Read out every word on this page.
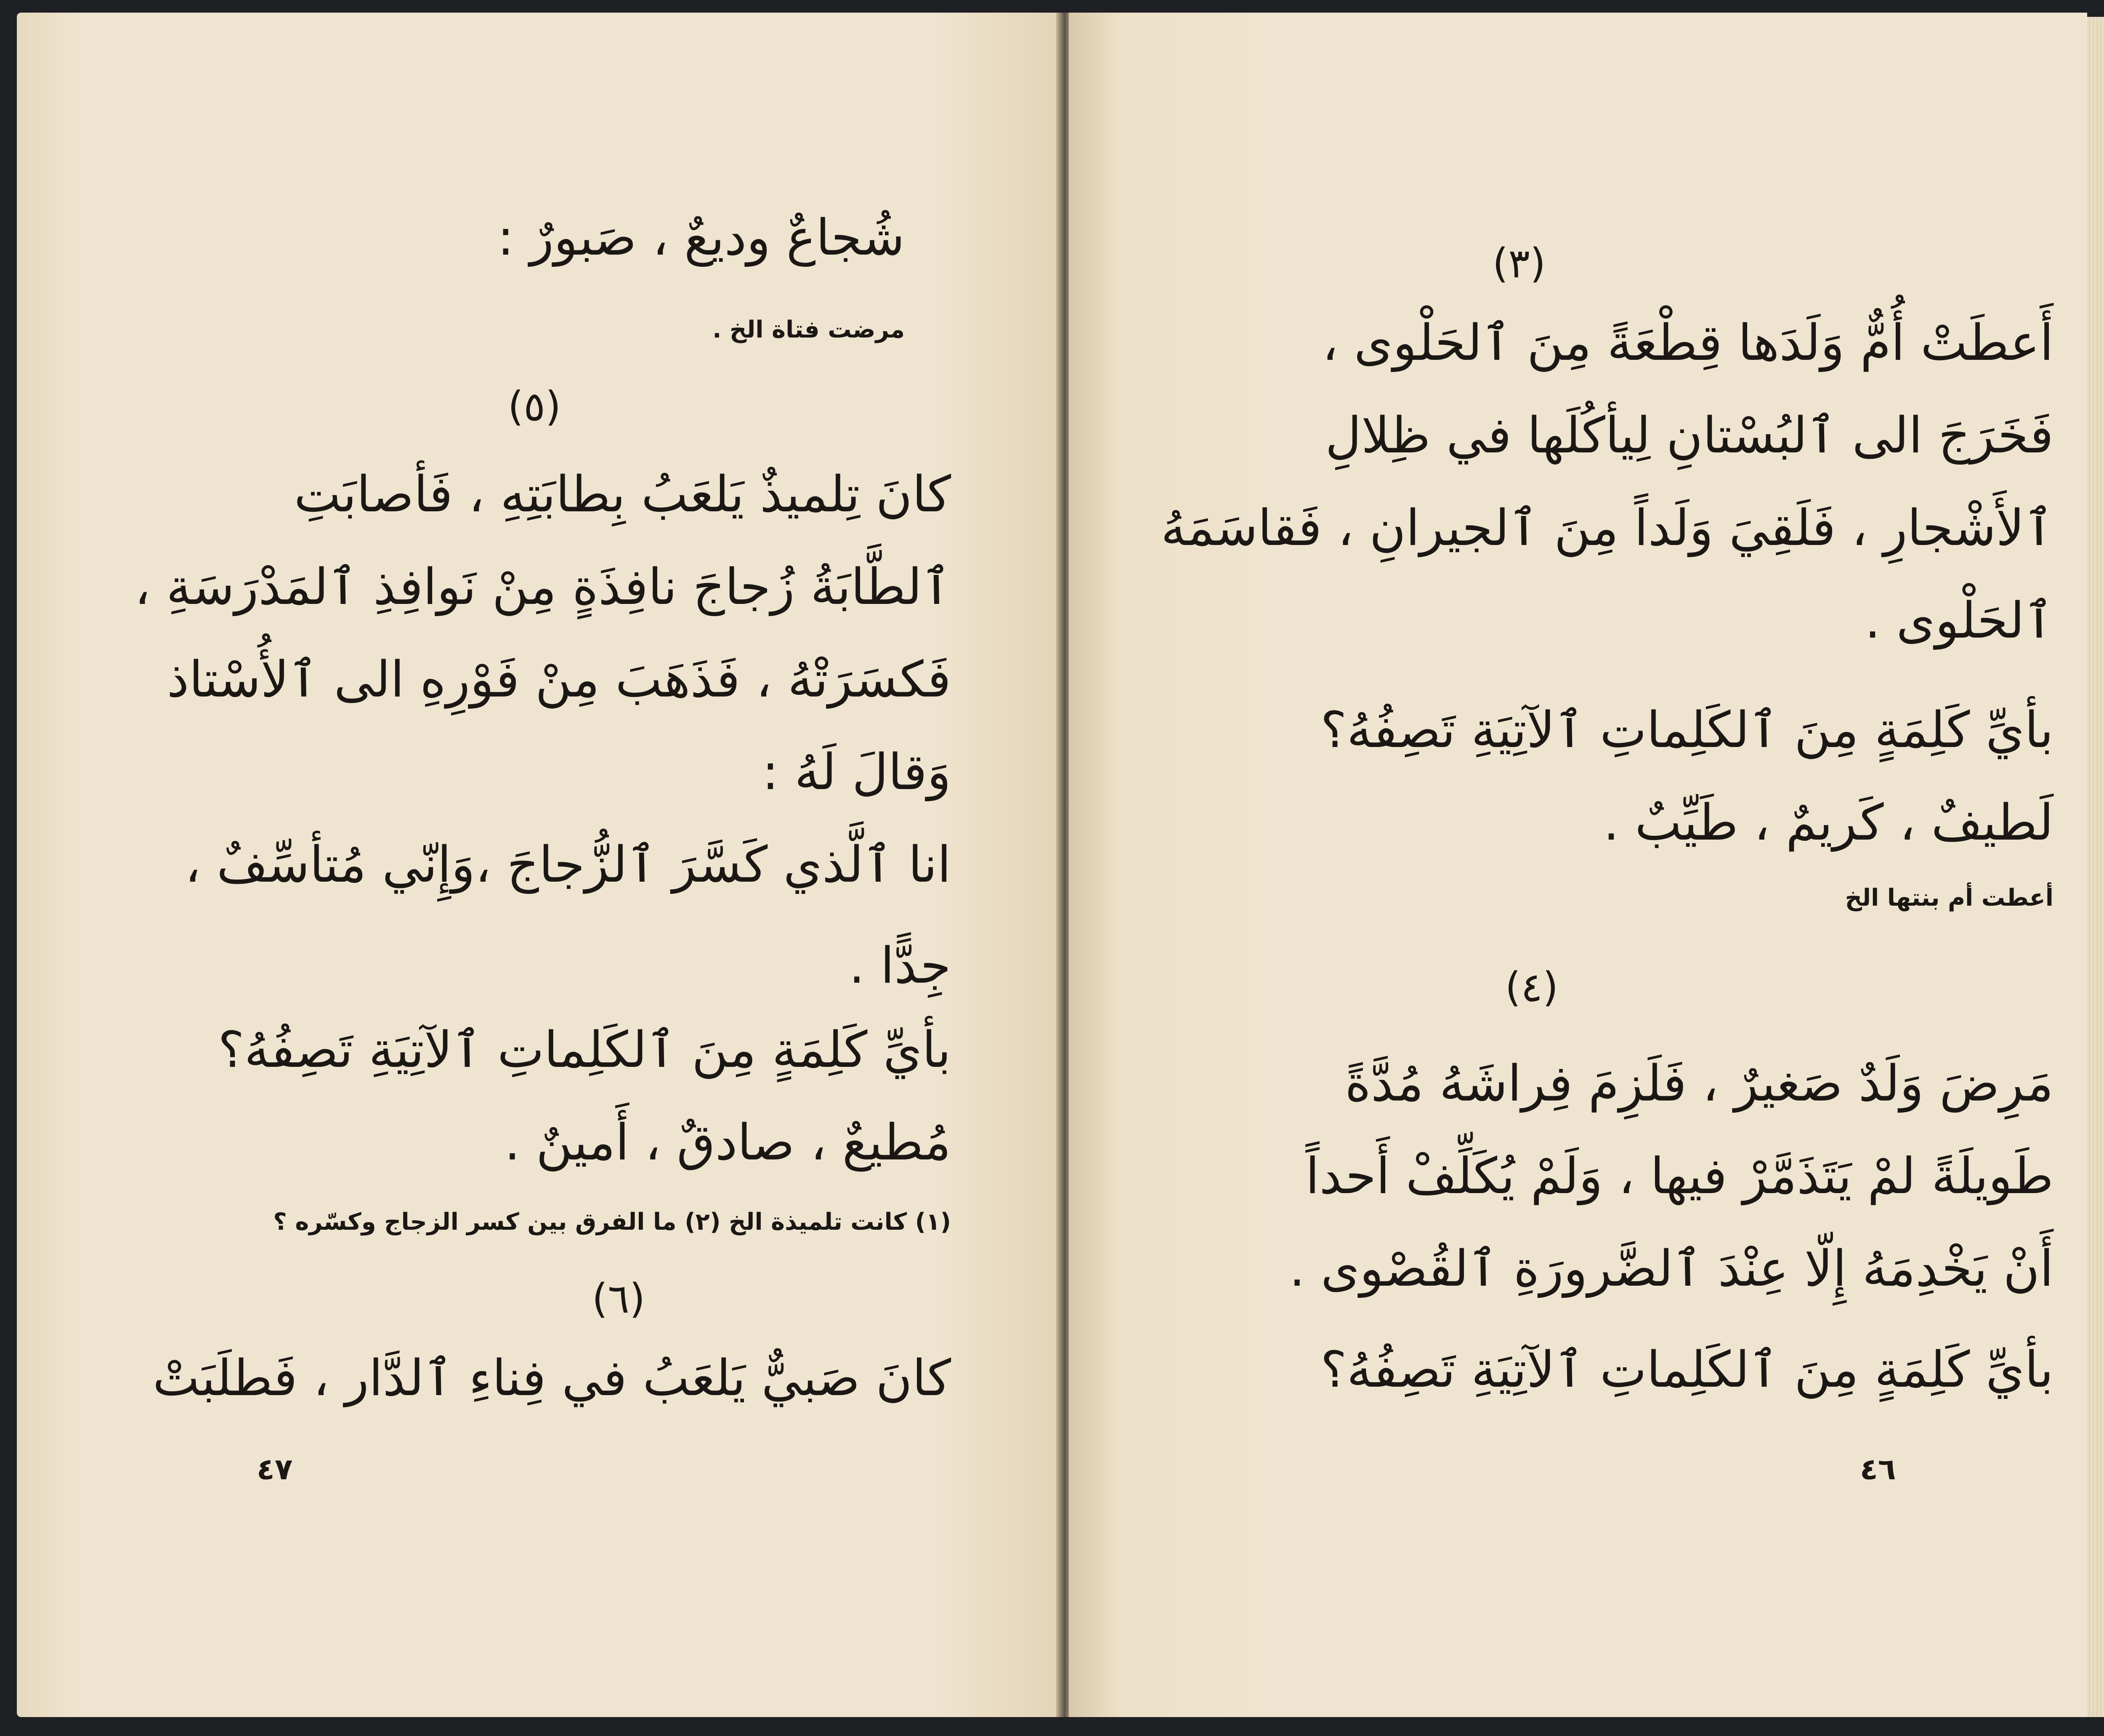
شُجاعٌ وديعٌ ، صَبورٌ :
مرضت فتاة الخ .
(٥)
كانَ تِلميذٌ يَلعَبُ بِطابَتِهِ ، فَأصابَتِ
ٱلطَّابَةُ زُجاجَ نافِذَةٍ مِنْ نَوافِذِ ٱلمَدْرَسَةِ ،
فَكسَرَتْهُ ، فَذَهَبَ مِنْ فَوْرِهِ الى ٱلأُسْتاذ
وَقالَ لَهُ :
انا ٱلَّذي كَسَّرَ ٱلزُّجاجَ ،وَإِنّي مُتأسِّفٌ ،
جِدًّا .
بأيِّ كَلِمَةٍ مِنَ ٱلكَلِماتِ ٱلآتِيَةِ تَصِفُهُ؟
مُطيعٌ ، صادقٌ ، أَمينٌ .
(١) كانت تلميذة الخ (٢) ما الفرق بين كسر الزجاج وكسّره ؟
(٦)
كانَ صَبيٌّ يَلعَبُ في فِناءِ ٱلدَّار ، فَطلَبَتْ
٤٧
(٣)
أَعطَتْ أُمٌّ وَلَدَها قِطْعَةً مِنَ ٱلحَلْوى ،
فَخَرَجَ الى ٱلبُسْتانِ لِيأكُلَها في ظِلالِ
ٱلأَشْجارِ ، فَلَقِيَ وَلَداً مِنَ ٱلجيرانِ ، فَقاسَمَهُ
ٱلحَلْوى .
بأيِّ كَلِمَةٍ مِنَ ٱلكَلِماتِ ٱلآتِيَةِ تَصِفُهُ؟
لَطيفٌ ، كَريمٌ ، طَيِّبٌ .
أعطت أم بنتها الخ
(٤)
مَرِضَ وَلَدٌ صَغيرٌ ، فَلَزِمَ فِراشَهُ مُدَّةً
طَويلَةً لمْ يَتَذَمَّرْ فيها ، وَلَمْ يُكَلِّفْ أَحداً
أَنْ يَخْدِمَهُ إِلّا عِنْدَ ٱلضَّرورَةِ ٱلقُصْوى .
بأيِّ كَلِمَةٍ مِنَ ٱلكَلِماتِ ٱلآتِيَةِ تَصِفُهُ؟
٤٦
